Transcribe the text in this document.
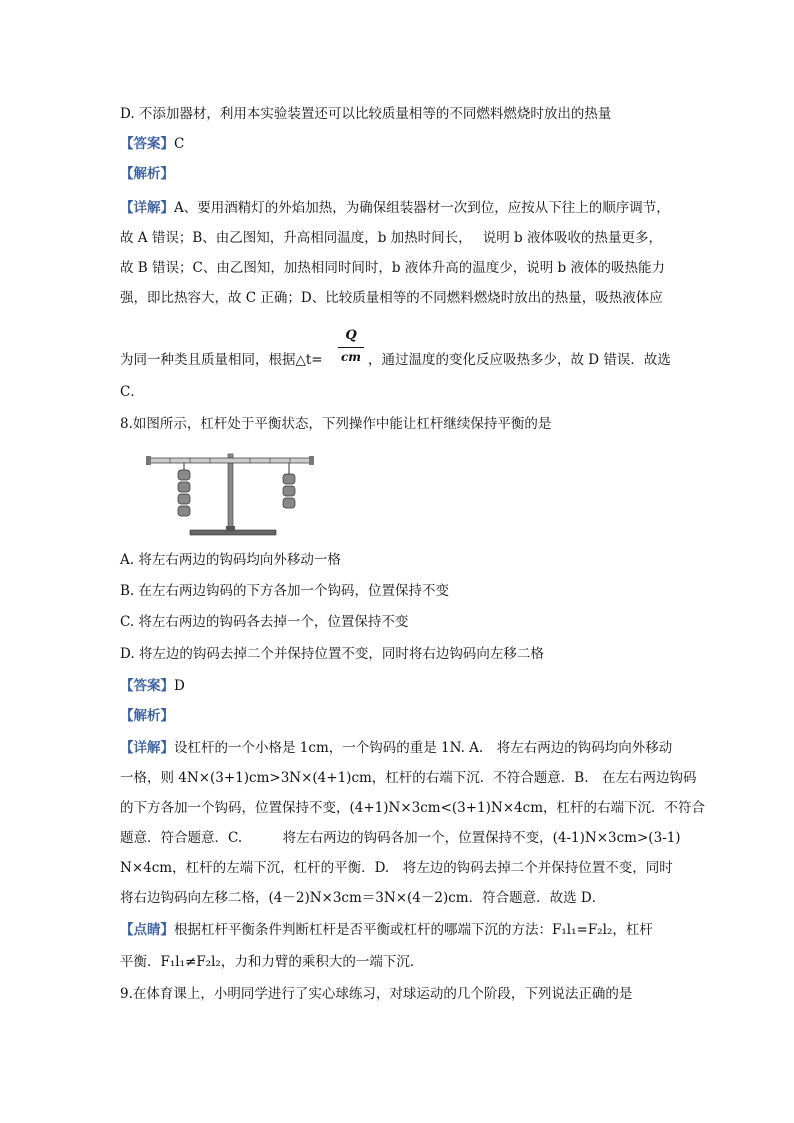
D. 不添加器材，利用本实验装置还可以比较质量相等的不同燃料燃烧时放出的热量
【答案】C
【解析】
【详解】A、要用酒精灯的外焰加热，为确保组装器材一次到位，应按从下往上的顺序调节，
故 A 错误；B、由乙图知，升高相同温度，b 加热时间长，　 说明 b 液体吸收的热量更多，
故 B 错误；C、由乙图知，加热相同时间时，b 液体升高的温度少，说明 b 液体的吸热能力
强，即比热容大，故 C 正确；D、比较质量相等的不同燃料燃烧时放出的热量，吸热液体应
Q
cm
为同一种类且质量相同，根据△t=	，通过温度的变化反应吸热多少，故 D 错误．故选
C．
8.如图所示，杠杆处于平衡状态，下列操作中能让杠杆继续保持平衡的是
A. 将左右两边的钩码均向外移动一格
B. 在左右两边钩码的下方各加一个钩码，位置保持不变
C. 将左右两边的钩码各去掉一个，位置保持不变
D. 将左边的钩码去掉二个并保持位置不变，同时将右边钩码向左移二格
【答案】D
【解析】
【详解】设杠杆的一个小格是 1cm，一个钩码的重是 1N. A.　将左右两边的钩码均向外移动
一格，则 4N×(3+1)cm>3N×(4+1)cm，杠杆的右端下沉．不符合题意．B.　在左右两边钩码
的下方各加一个钩码，位置保持不变，(4+1)N×3cm<(3+1)N×4cm，杠杆的右端下沉．不符合
题意．符合题意．C.　　　将左右两边的钩码各加一个，位置保持不变，(4-1)N×3cm>(3-1)
N×4cm，杠杆的左端下沉，杠杆的平衡．D.　将左边的钩码去掉二个并保持位置不变，同时
将右边钩码向左移二格，(4－2)N×3cm＝3N×(4－2)cm．符合题意．故选 D．
【点睛】根据杠杆平衡条件判断杠杆是否平衡或杠杆的哪端下沉的方法：F₁l₁=F₂l₂，杠杆
平衡．F₁l₁≠F₂l₂，力和力臂的乘积大的一端下沉．
9.在体育课上，小明同学进行了实心球练习，对球运动的几个阶段，下列说法正确的是
